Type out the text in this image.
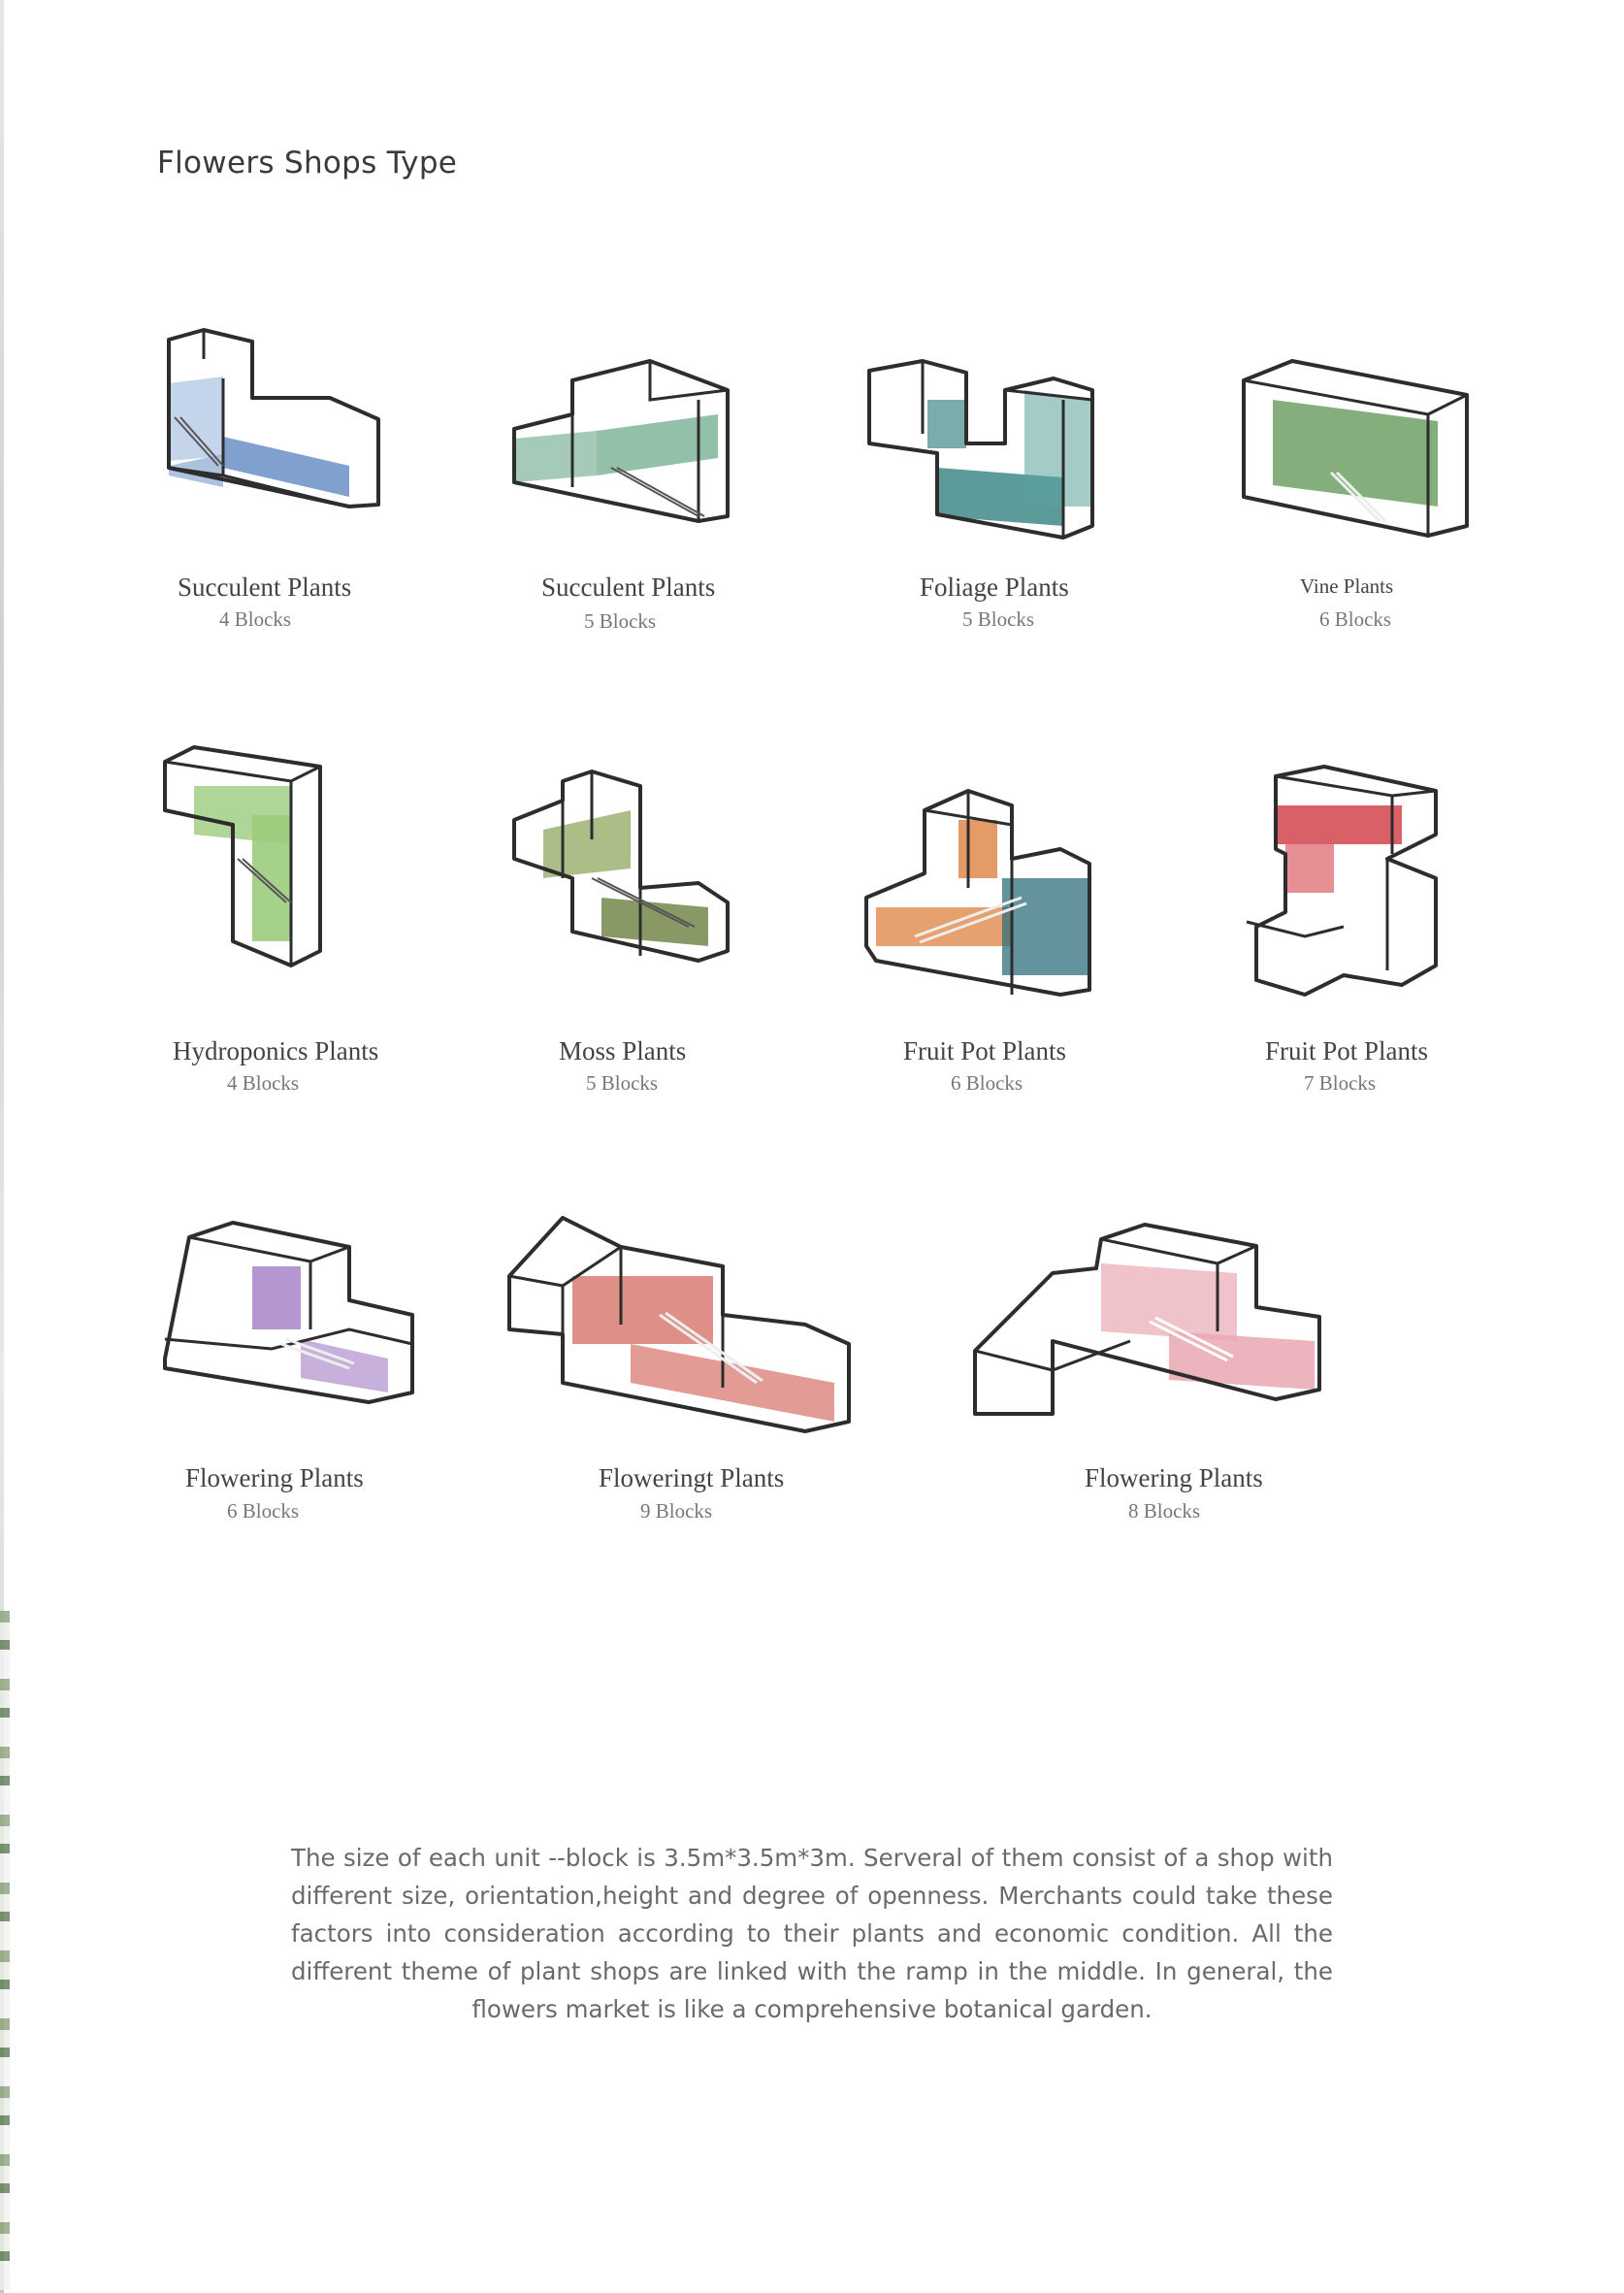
Flowers Shops Type
Succulent Plants
4 Blocks
Succulent Plants
5 Blocks
Foliage Plants
5 Blocks
Vine Plants
6 Blocks
Hydroponics Plants
4 Blocks
Moss Plants
5 Blocks
Fruit Pot Plants
6 Blocks
Fruit Pot Plants
7 Blocks
Flowering Plants
6 Blocks
Floweringt Plants
9 Blocks
Flowering Plants
8 Blocks
The size of each unit --block is 3.5m*3.5m*3m. Serveral of them consist of a shop with different size, orientation,height and degree of openness. Merchants could take these factors into consideration according to their plants and economic condition. All the different theme of plant shops are linked with the ramp in the middle. In general, the flowers market is like a comprehensive botanical garden.
